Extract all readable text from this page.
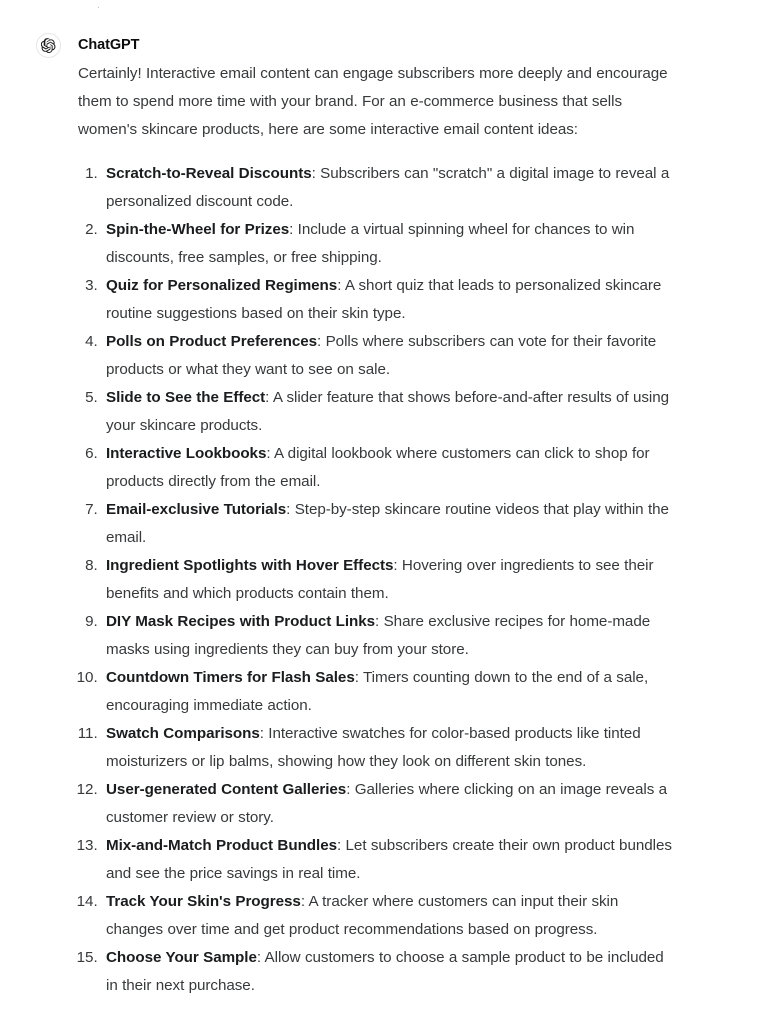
.
ChatGPT

Certainly! Interactive email content can engage subscribers more deeply and encourage them to spend more time with your brand. For an e-commerce business that sells women's skincare products, here are some interactive email content ideas:

1. Scratch-to-Reveal Discounts: Subscribers can "scratch" a digital image to reveal a personalized discount code.
2. Spin-the-Wheel for Prizes: Include a virtual spinning wheel for chances to win discounts, free samples, or free shipping.
3. Quiz for Personalized Regimens: A short quiz that leads to personalized skincare routine suggestions based on their skin type.
4. Polls on Product Preferences: Polls where subscribers can vote for their favorite products or what they want to see on sale.
5. Slide to See the Effect: A slider feature that shows before-and-after results of using your skincare products.
6. Interactive Lookbooks: A digital lookbook where customers can click to shop for products directly from the email.
7. Email-exclusive Tutorials: Step-by-step skincare routine videos that play within the email.
8. Ingredient Spotlights with Hover Effects: Hovering over ingredients to see their benefits and which products contain them.
9. DIY Mask Recipes with Product Links: Share exclusive recipes for home-made masks using ingredients they can buy from your store.
10. Countdown Timers for Flash Sales: Timers counting down to the end of a sale, encouraging immediate action.
11. Swatch Comparisons: Interactive swatches for color-based products like tinted moisturizers or lip balms, showing how they look on different skin tones.
12. User-generated Content Galleries: Galleries where clicking on an image reveals a customer review or story.
13. Mix-and-Match Product Bundles: Let subscribers create their own product bundles and see the price savings in real time.
14. Track Your Skin's Progress: A tracker where customers can input their skin changes over time and get product recommendations based on progress.
15. Choose Your Sample: Allow customers to choose a sample product to be included in their next purchase.
